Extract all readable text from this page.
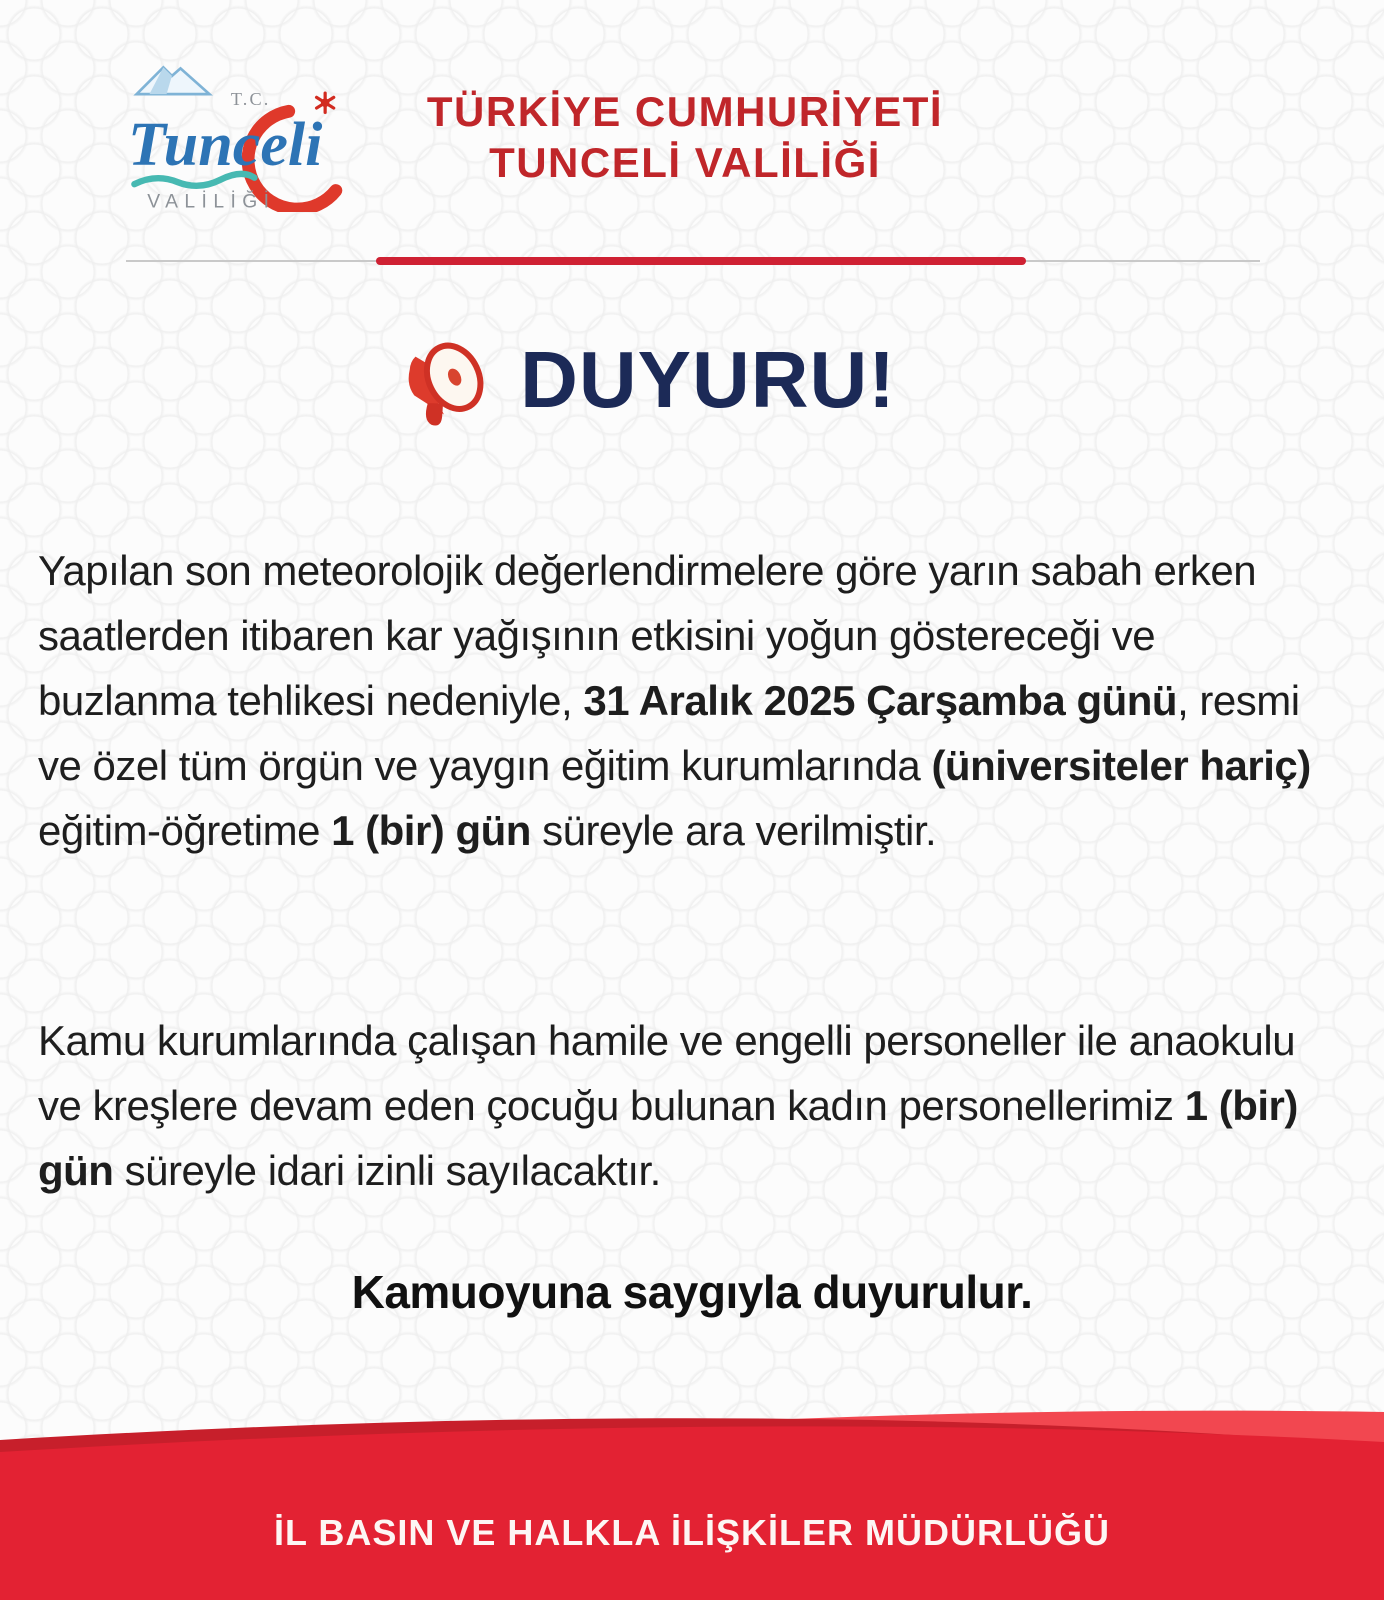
T.C.
Tunceli
VALİLİĞİ
TÜRKİYE CUMHURİYETİ
TUNCELİ VALİLİĞİ
DUYURU!

Yapılan son meteorolojik değerlendirmelere göre yarın sabah erken saatlerden itibaren kar yağışının etkisini yoğun göstereceği ve buzlanma tehlikesi nedeniyle, 31 Aralık 2025 Çarşamba günü, resmi ve özel tüm örgün ve yaygın eğitim kurumlarında (üniversiteler hariç) eğitim-öğretime 1 (bir) gün süreyle ara verilmiştir.

Kamu kurumlarında çalışan hamile ve engelli personeller ile anaokulu ve kreşlere devam eden çocuğu bulunan kadın personellerimiz 1 (bir) gün süreyle idari izinli sayılacaktır.

Kamuoyuna saygıyla duyurulur.

İL BASIN VE HALKLA İLİŞKİLER MÜDÜRLÜĞÜ
